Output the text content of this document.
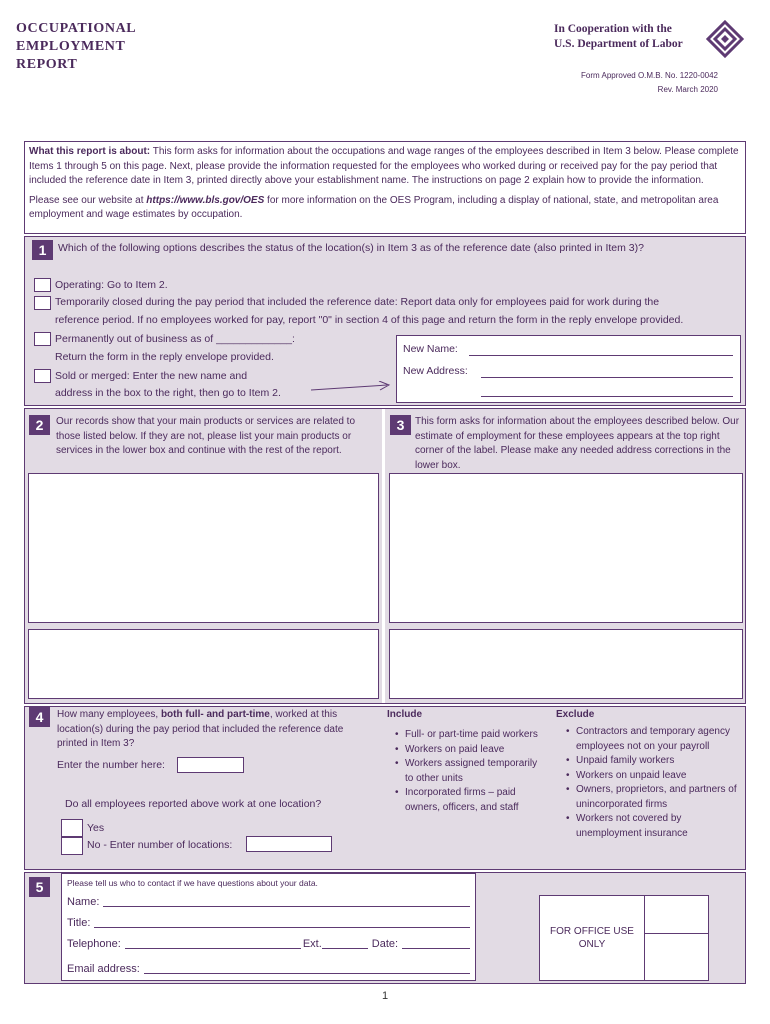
OCCUPATIONAL
EMPLOYMENT
REPORT
In Cooperation with the
U.S. Department of Labor
Form Approved O.M.B. No. 1220-0042
Rev. March 2020

What this report is about: This form asks for information about the occupations and wage ranges of the employees described in Item 3 below. Please complete Items 1 through 5 on this page. Next, please provide the information requested for the employees who worked during or received pay for the pay period that included the reference date in Item 3, printed directly above your establishment name. The instructions on page 2 explain how to provide the information.

Please see our website at https://www.bls.gov/OES for more information on the OES Program, including a display of national, state, and metropolitan area employment and wage estimates by occupation.

1	Which of the following options describes the status of the location(s) in Item 3 as of the reference date (also printed in Item 3)?
Operating: Go to Item 2.
Temporarily closed during the pay period that included the reference date: Report data only for employees paid for work during the
reference period. If no employees worked for pay, report "0" in section 4 of this page and return the form in the reply envelope provided.
Permanently out of business as of _____________:
Return the form in the reply envelope provided.
Sold or merged: Enter the new name and
address in the box to the right, then go to Item 2.
New Name:
New Address:
2	Our records show that your main products or services are related to those listed below. If they are not, please list your main products or services in the lower box and continue with the rest of the report.
3	This form asks for information about the employees described below. Our estimate of employment for these employees appears at the top right corner of the label. Please make any needed address corrections in the lower box.
4	How many employees, both full- and part-time, worked at this location(s) during the pay period that included the reference date printed in Item 3?
Enter the number here:
Do all employees reported above work at one location?
Yes
No - Enter number of locations:
Include
• Full- or part-time paid workers
• Workers on paid leave
• Workers assigned temporarily to other units
• Incorporated firms – paid owners, officers, and staff
Exclude
• Contractors and temporary agency employees not on your payroll
• Unpaid family workers
• Workers on unpaid leave
• Owners, proprietors, and partners of unincorporated firms
• Workers not covered by unemployment insurance
5	Please tell us who to contact if we have questions about your data.
Name:
Title:
Telephone:	Ext.	Date:
Email address:
FOR OFFICE USE ONLY
1
